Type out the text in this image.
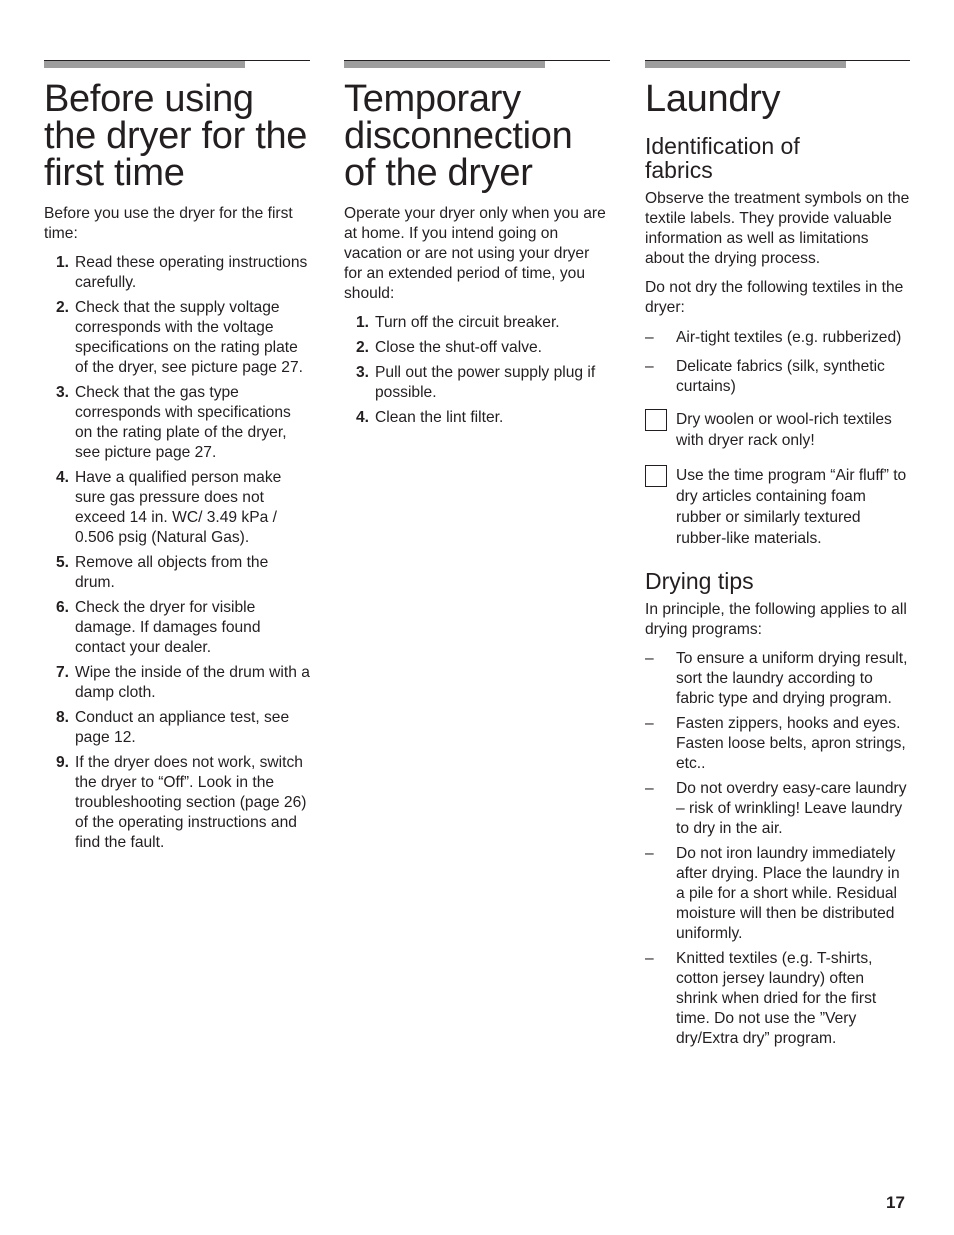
Before using the dryer for the first time

Before you use the dryer for the first time:

1. Read these operating instructions carefully.
2. Check that the supply voltage corresponds with the voltage specifications on the rating plate of the dryer, see picture page 27.
3. Check that the gas type corresponds with specifications on the rating plate of the dryer, see picture page 27.
4. Have a qualified person make sure gas pressure does not exceed 14 in. WC/ 3.49 kPa / 0.506 psig (Natural Gas).
5. Remove all objects from the drum.
6. Check the dryer for visible damage. If damages found contact your dealer.
7. Wipe the inside of the drum with a damp cloth.
8. Conduct an appliance test, see page 12.
9. If the dryer does not work, switch the dryer to “Off”. Look in the troubleshooting section (page 26) of the operating instructions and find the fault.
Temporary disconnection of the dryer

Operate your dryer only when you are at home. If you intend going on vacation or are not using your dryer for an extended period of time, you should:

1. Turn off the circuit breaker.
2. Close the shut-off valve.
3. Pull out the power supply plug if possible.
4. Clean the lint filter.
Laundry
Identification of fabrics

Observe the treatment symbols on the textile labels. They provide valuable information as well as limitations about the drying process.

Do not dry the following textiles in the dryer:

– Air-tight textiles (e.g. rubberized)
– Delicate fabrics (silk, synthetic curtains)
Dry woolen or wool-rich textiles with dryer rack only!
Use the time program “Air fluff” to dry articles containing foam rubber or similarly textured rubber-like materials.
Drying tips

In principle, the following applies to all drying programs:

– To ensure a uniform drying result, sort the laundry according to fabric type and drying program.
– Fasten zippers, hooks and eyes. Fasten loose belts, apron strings, etc..
– Do not overdry easy-care laundry – risk of wrinkling! Leave laundry to dry in the air.
– Do not iron laundry immediately after drying. Place the laundry in a pile for a short while. Residual moisture will then be distributed uniformly.
– Knitted textiles (e.g. T-shirts, cotton jersey laundry) often shrink when dried for the first time. Do not use the ”Very dry/Extra dry” program.
17
